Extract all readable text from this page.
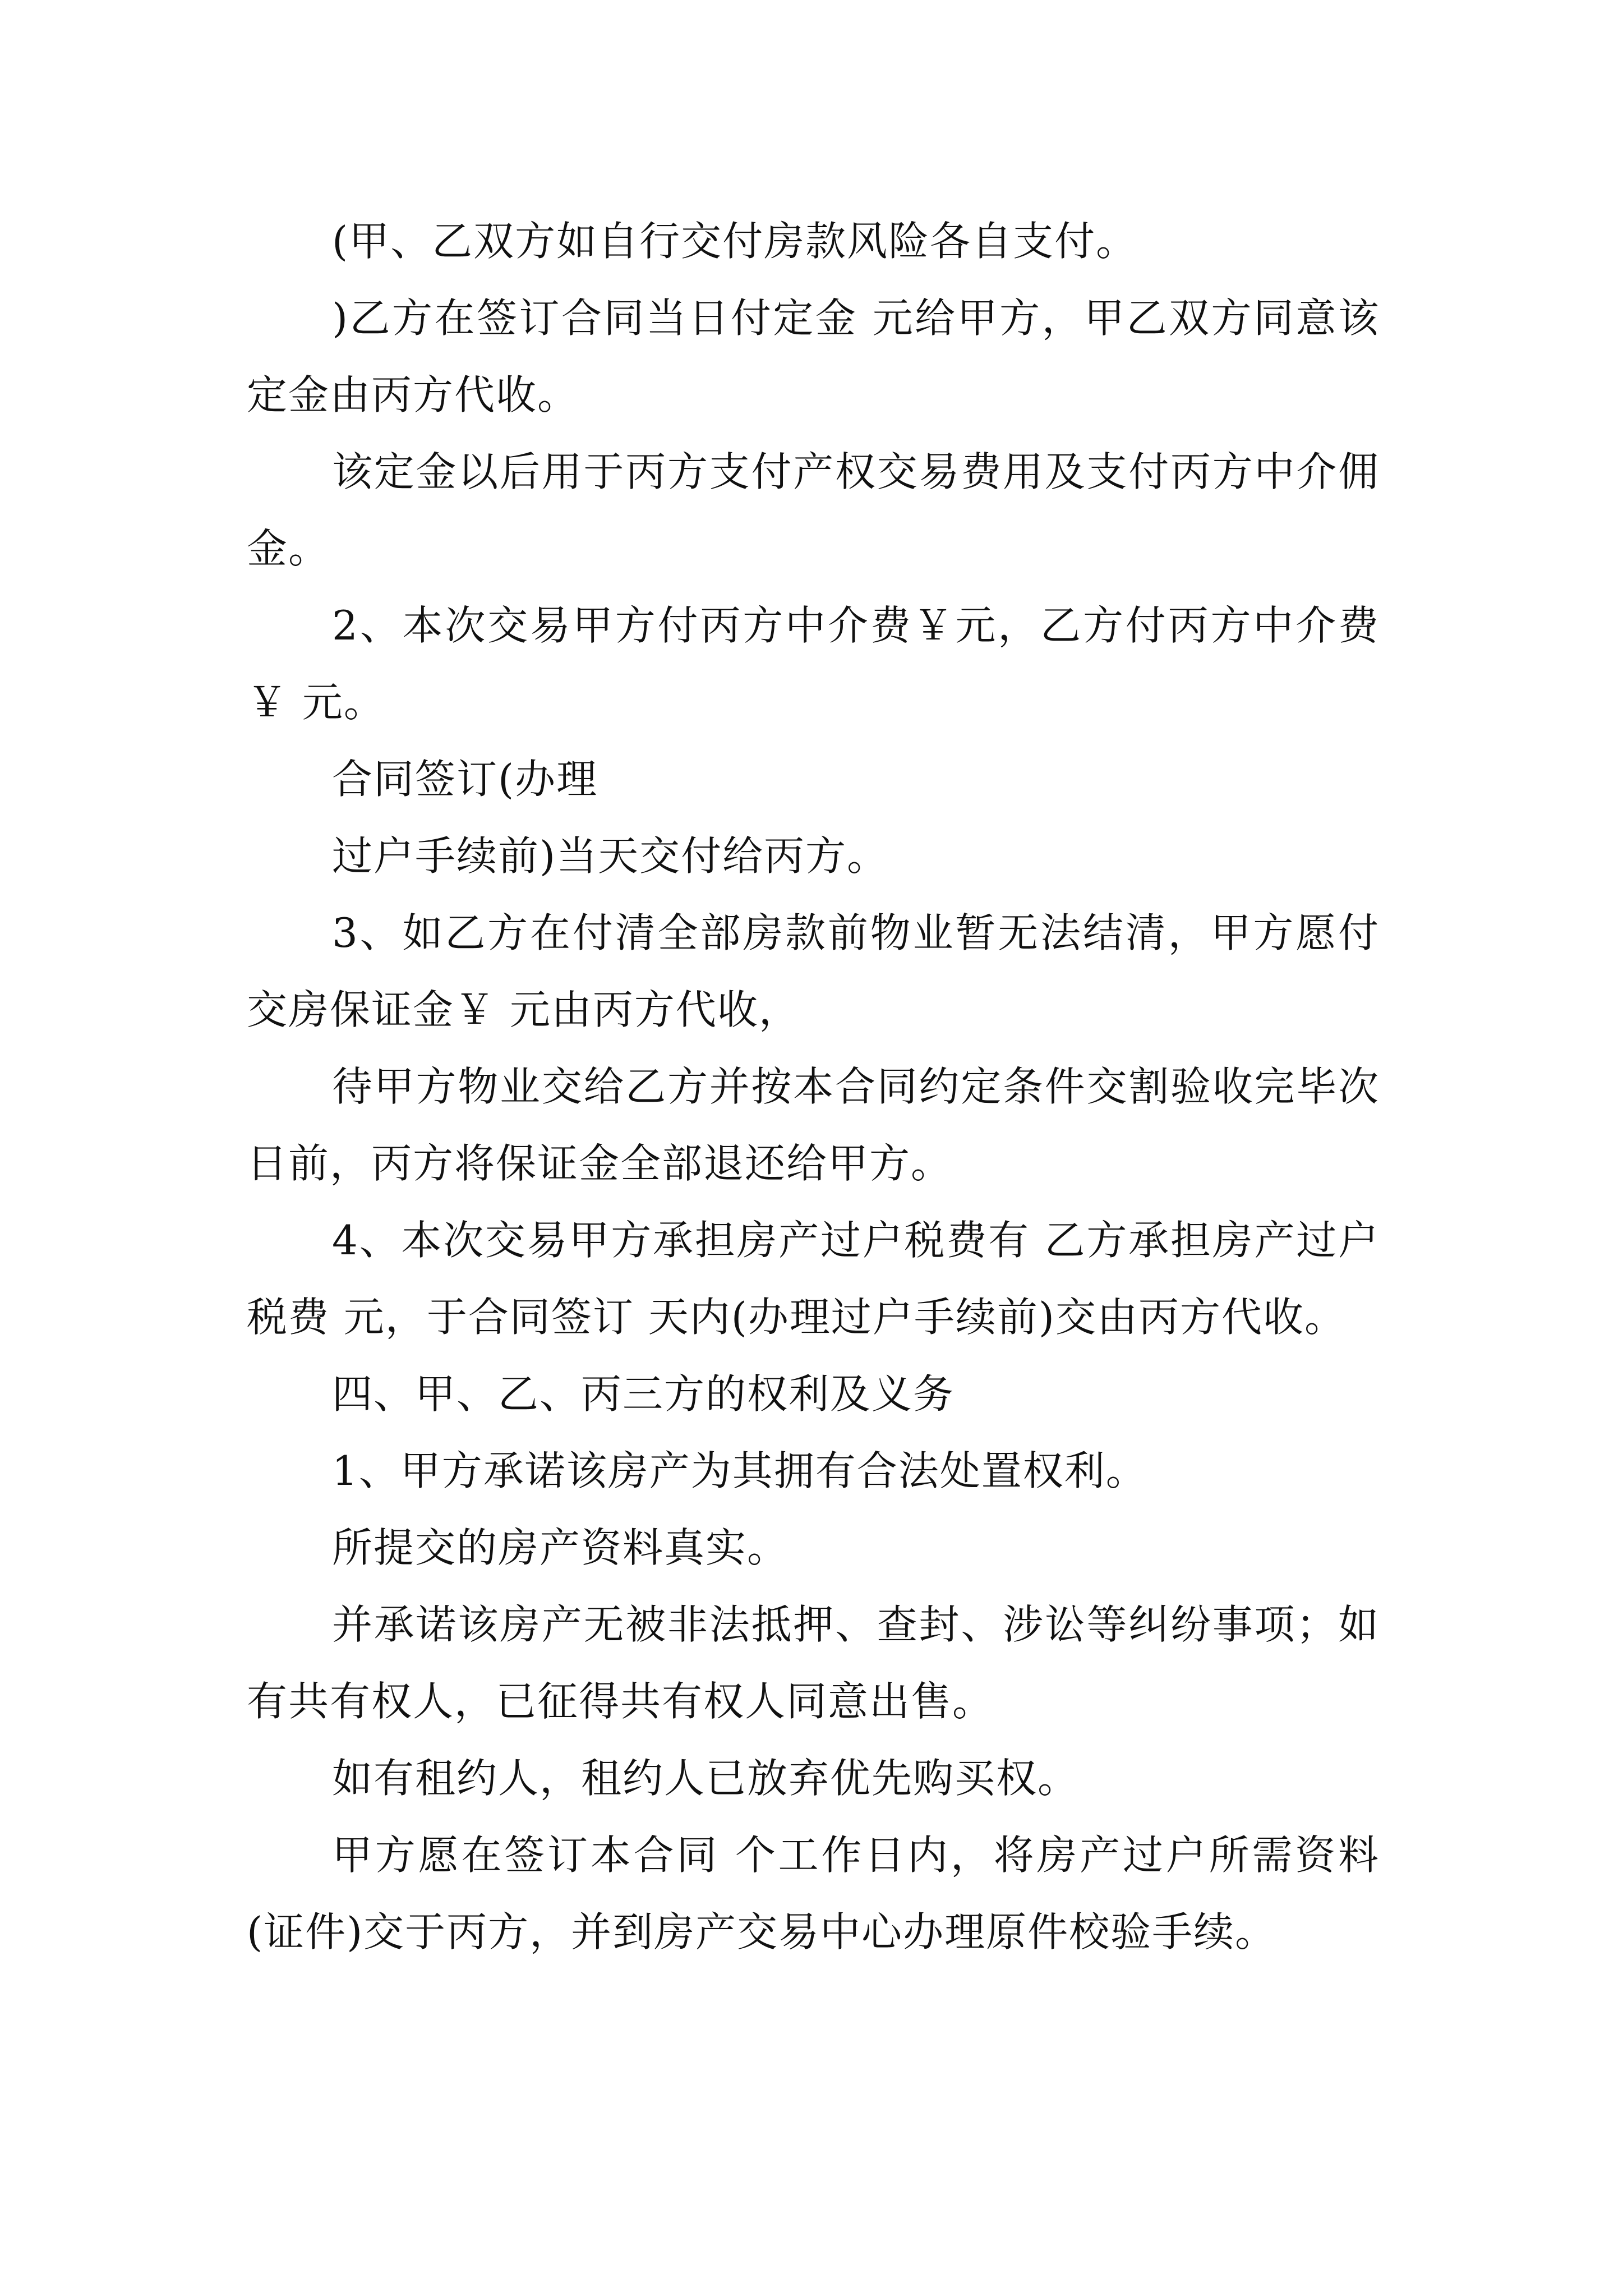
(甲、乙双方如自行交付房款风险各自支付。

)乙方在签订合同当日付定金 元给甲方，甲乙双方同意该定金由丙方代收。

该定金以后用于丙方支付产权交易费用及支付丙方中介佣金。

2、本次交易甲方付丙方中介费￥元，乙方付丙方中介费￥ 元。

合同签订(办理

过户手续前)当天交付给丙方。

3、如乙方在付清全部房款前物业暂无法结清，甲方愿付交房保证金￥ 元由丙方代收，

待甲方物业交给乙方并按本合同约定条件交割验收完毕次日前，丙方将保证金全部退还给甲方。

4、本次交易甲方承担房产过户税费有 乙方承担房产过户税费 元，于合同签订 天内(办理过户手续前)交由丙方代收。

四、甲、乙、丙三方的权利及义务

1、甲方承诺该房产为其拥有合法处置权利。

所提交的房产资料真实。

并承诺该房产无被非法抵押、查封、涉讼等纠纷事项；如有共有权人，已征得共有权人同意出售。

如有租约人，租约人已放弃优先购买权。

甲方愿在签订本合同 个工作日内，将房产过户所需资料(证件)交于丙方，并到房产交易中心办理原件校验手续。
